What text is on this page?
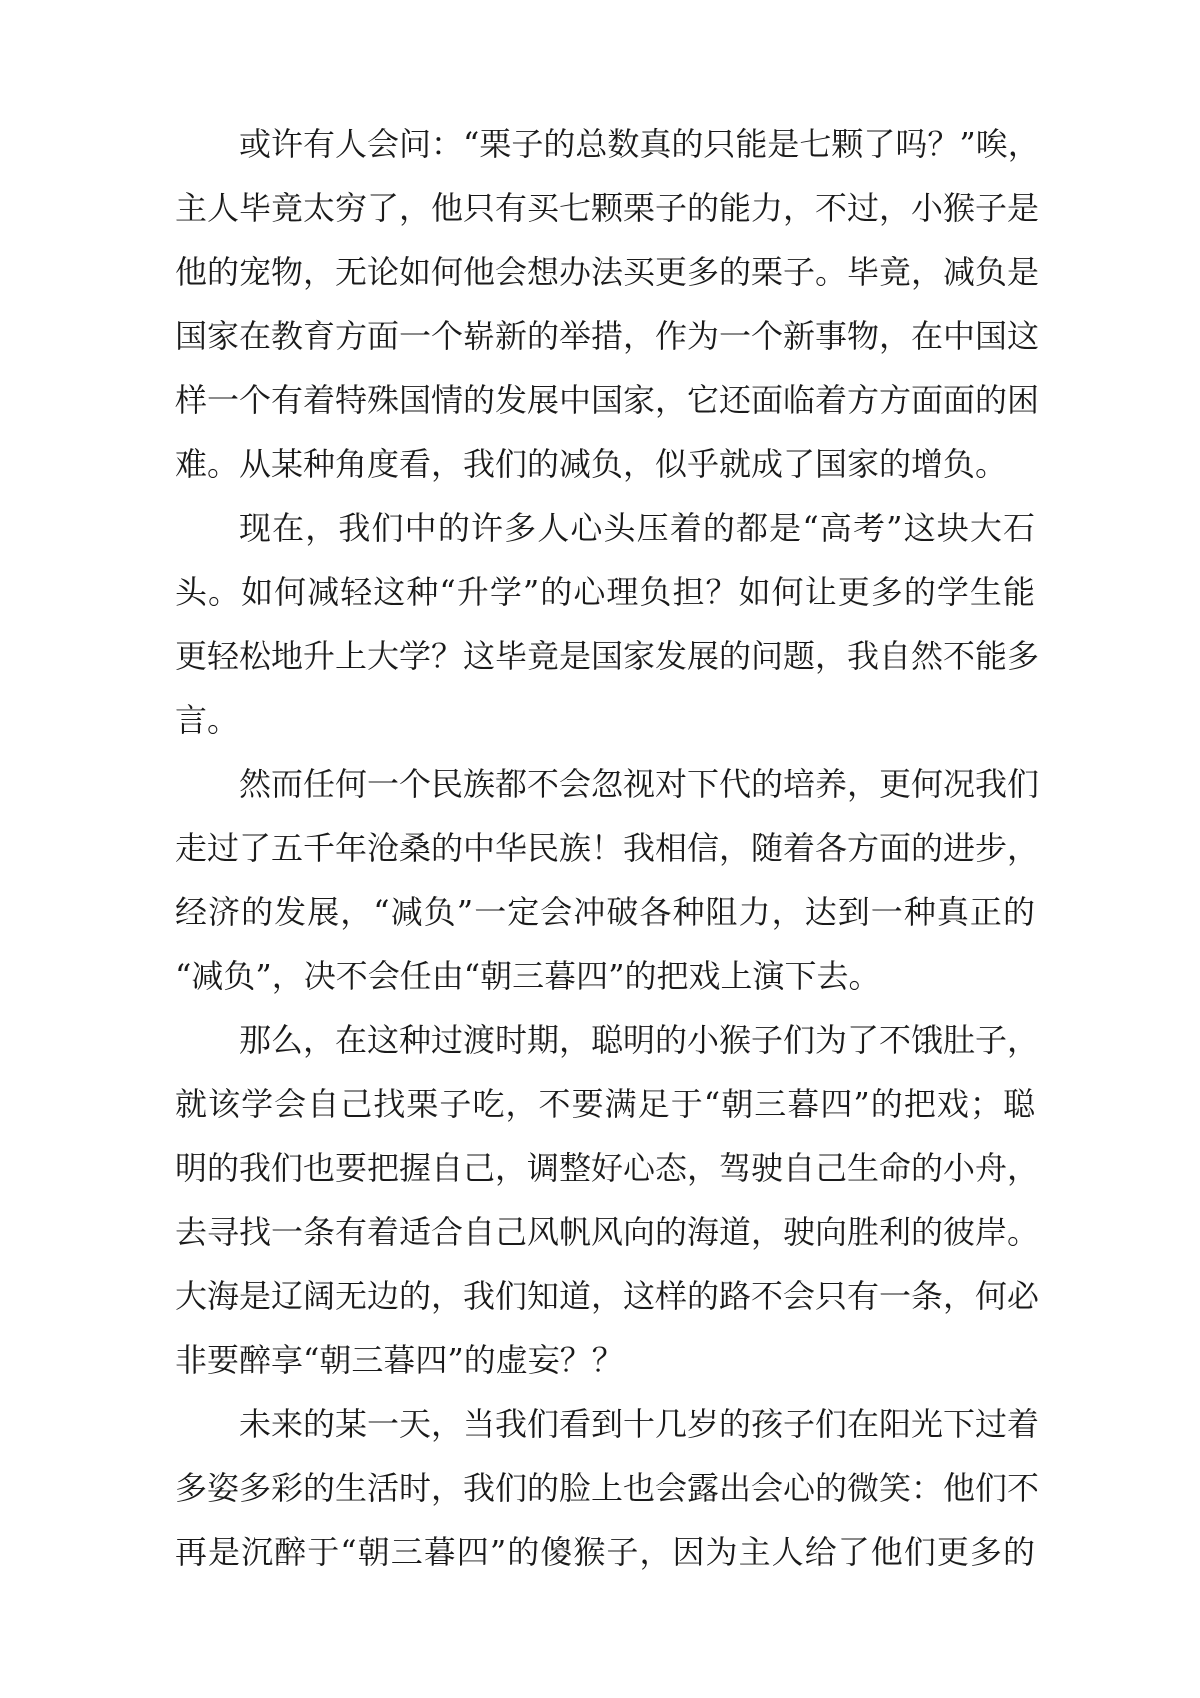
或许有人会问：“栗子的总数真的只能是七颗了吗？”唉，
主人毕竟太穷了，他只有买七颗栗子的能力，不过，小猴子是
他的宠物，无论如何他会想办法买更多的栗子。毕竟，减负是
国家在教育方面一个崭新的举措，作为一个新事物，在中国这
样一个有着特殊国情的发展中国家，它还面临着方方面面的困
难。从某种角度看，我们的减负，似乎就成了国家的增负。
现在，我们中的许多人心头压着的都是“高考”这块大石
头。如何减轻这种“升学”的心理负担？如何让更多的学生能
更轻松地升上大学？这毕竟是国家发展的问题，我自然不能多
言。
然而任何一个民族都不会忽视对下代的培养，更何况我们
走过了五千年沧桑的中华民族！我相信，随着各方面的进步，
经济的发展，“减负”一定会冲破各种阻力，达到一种真正的
“减负”，决不会任由“朝三暮四”的把戏上演下去。
那么，在这种过渡时期，聪明的小猴子们为了不饿肚子，
就该学会自己找栗子吃，不要满足于“朝三暮四”的把戏；聪
明的我们也要把握自己，调整好心态，驾驶自己生命的小舟，
去寻找一条有着适合自己风帆风向的海道，驶向胜利的彼岸。
大海是辽阔无边的，我们知道，这样的路不会只有一条，何必
非要醉享“朝三暮四”的虚妄？？
未来的某一天，当我们看到十几岁的孩子们在阳光下过着
多姿多彩的生活时，我们的脸上也会露出会心的微笑：他们不
再是沉醉于“朝三暮四”的傻猴子，因为主人给了他们更多的
